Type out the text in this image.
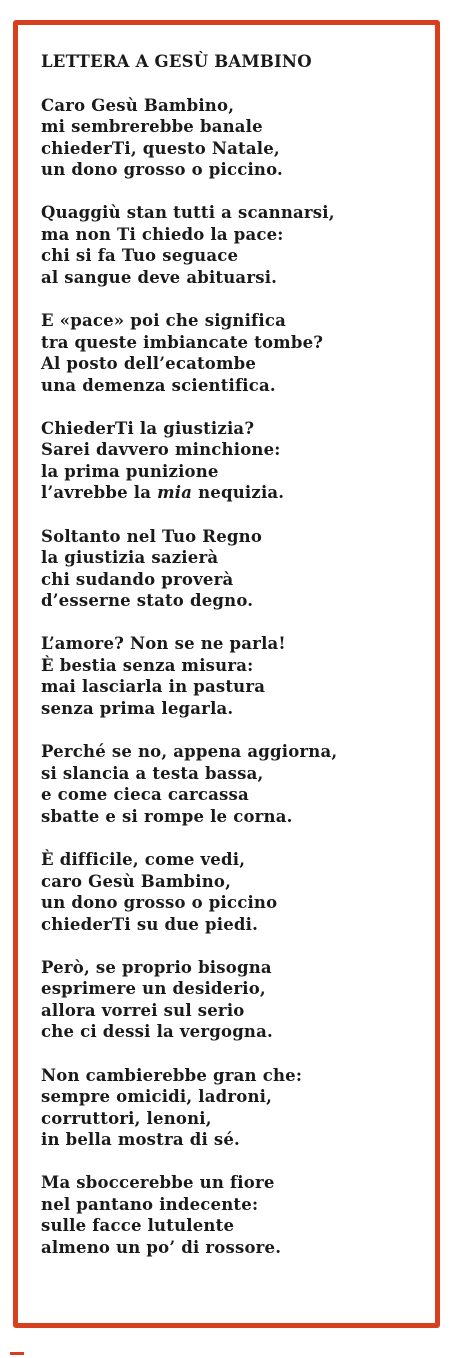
LETTERA A GESÙ BAMBINO
Caro Gesù Bambino,
mi sembrerebbe banale
chiederTi, questo Natale,
un dono grosso o piccino.
Quaggiù stan tutti a scannarsi,
ma non Ti chiedo la pace:
chi si fa Tuo seguace
al sangue deve abituarsi.
E «pace» poi che significa
tra queste imbiancate tombe?
Al posto dell’ecatombe
una demenza scientifica.
ChiederTi la giustizia?
Sarei davvero minchione:
la prima punizione
l’avrebbe la mia nequizia.
Soltanto nel Tuo Regno
la giustizia sazierà
chi sudando proverà
d’esserne stato degno.
L’amore? Non se ne parla!
È bestia senza misura:
mai lasciarla in pastura
senza prima legarla.
Perché se no, appena aggiorna,
si slancia a testa bassa,
e come cieca carcassa
sbatte e si rompe le corna.
È difficile, come vedi,
caro Gesù Bambino,
un dono grosso o piccino
chiederTi su due piedi.
Però, se proprio bisogna
esprimere un desiderio,
allora vorrei sul serio
che ci dessi la vergogna.
Non cambierebbe gran che:
sempre omicidi, ladroni,
corruttori, lenoni,
in bella mostra di sé.
Ma sboccerebbe un fiore
nel pantano indecente:
sulle facce lutulente
almeno un po’ di rossore.
